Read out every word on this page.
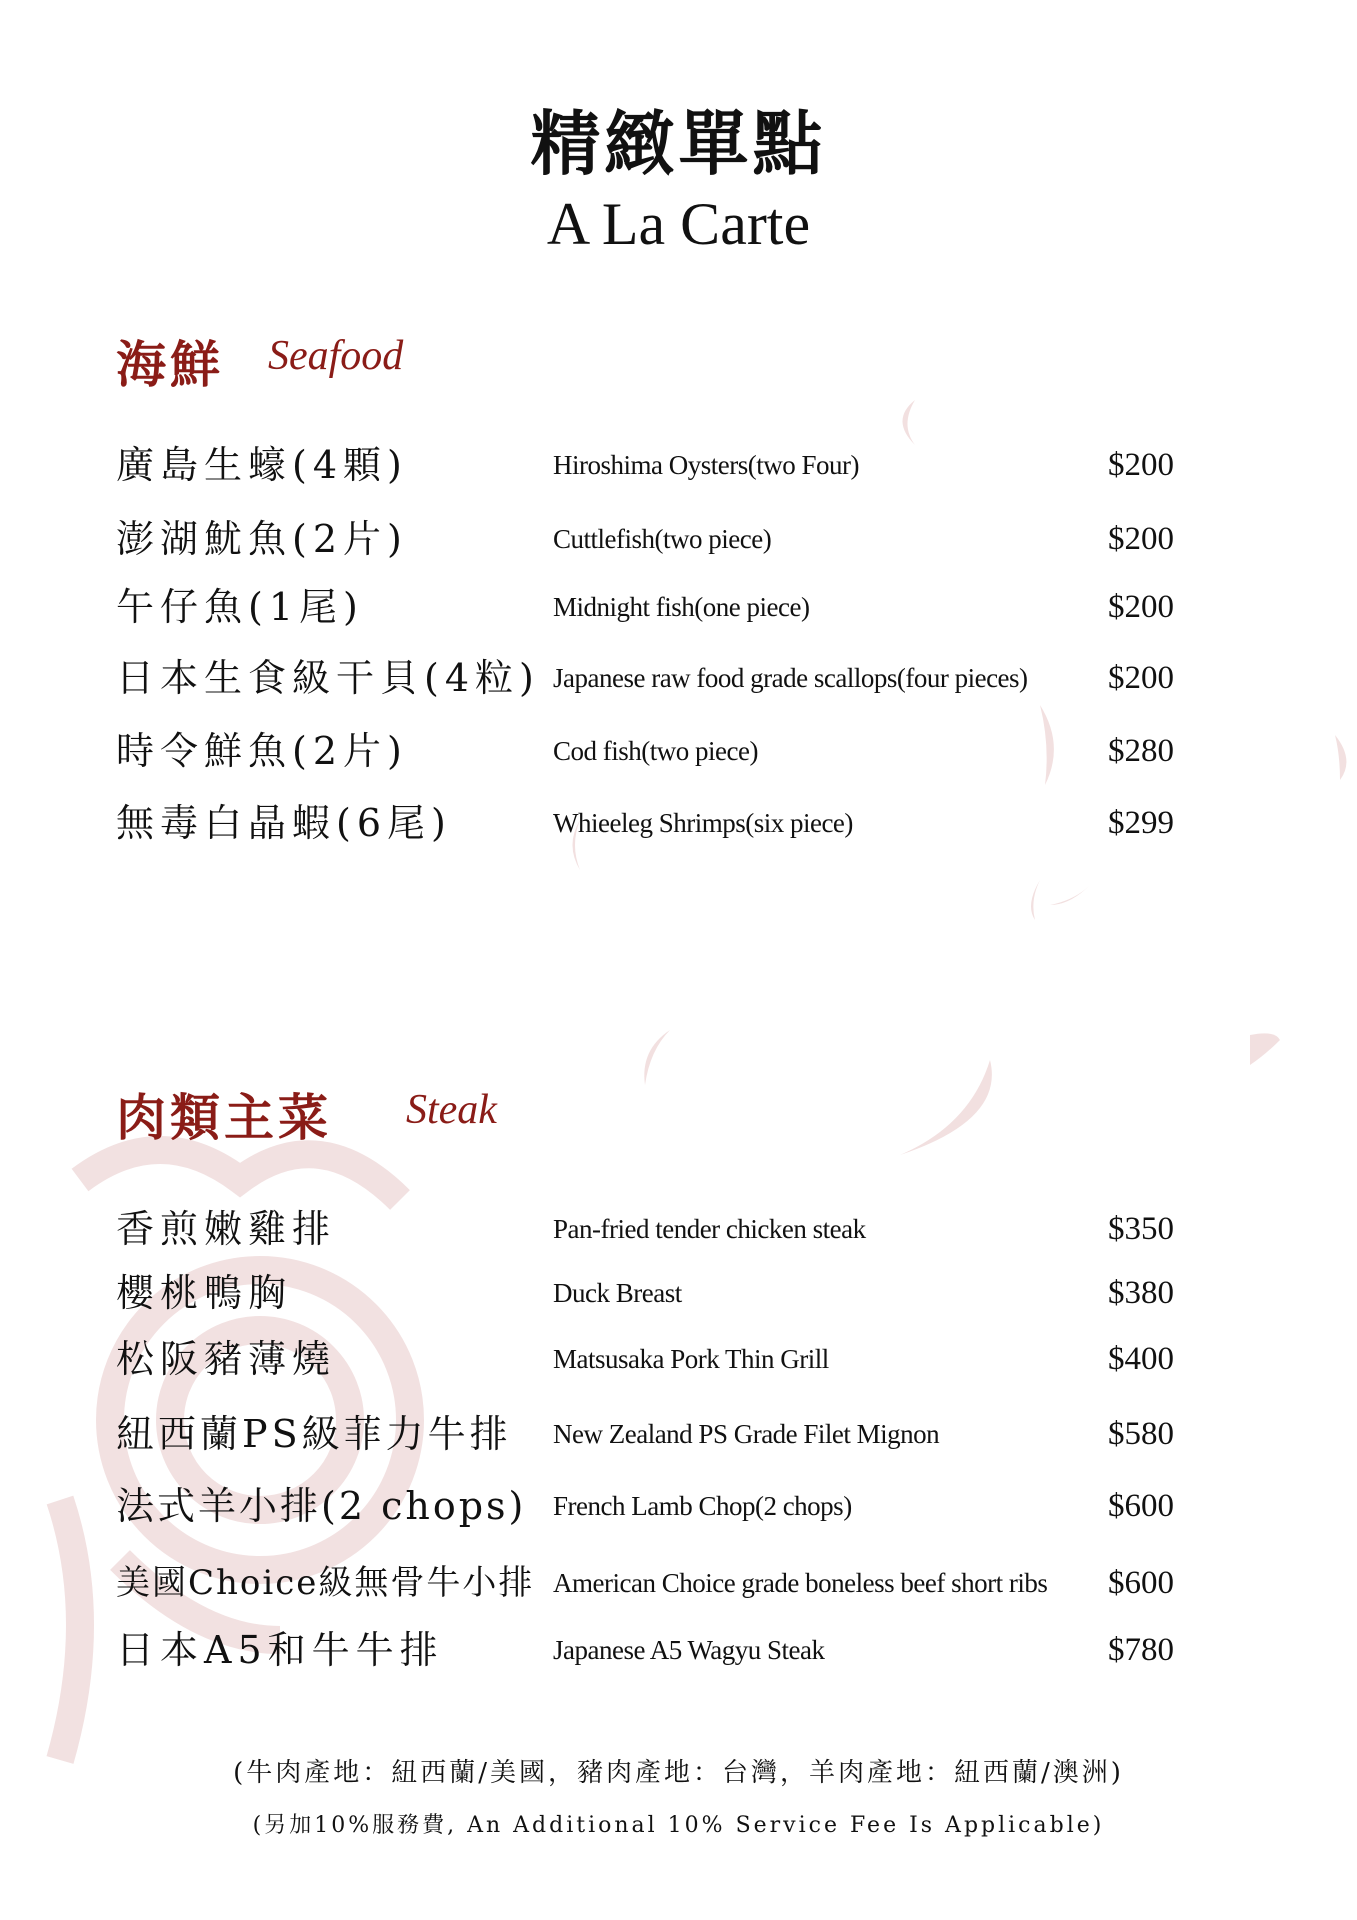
精緻單點
A La Carte
海鮮 Seafood
廣島生蠔(4顆)	Hiroshima Oysters(two Four)	$200
澎湖魷魚(2片)	Cuttlefish(two piece)	$200
午仔魚(1尾)	Midnight fish(one piece)	$200
日本生食級干貝(4粒) Japanese raw food grade scallops(four pieces) $200
時令鮮魚(2片)	Cod fish(two piece)	$280
無毒白晶蝦(6尾)	Whieeleg Shrimps(six piece)	$299
肉類主菜 Steak
香煎嫩雞排	Pan-fried tender chicken steak	$350
櫻桃鴨胸	Duck Breast	$380
松阪豬薄燒	Matsusaka Pork Thin Grill	$400
紐西蘭PS級菲力牛排 New Zealand PS Grade Filet Mignon	$580
法式羊小排(2 chops) French Lamb Chop(2 chops)	$600
美國Choice級無骨牛小排 American Choice grade boneless beef short ribs $600
日本A5和牛牛排	Japanese A5 Wagyu Steak	$780
(牛肉產地：紐西蘭/美國，豬肉產地：台灣，羊肉產地：紐西蘭/澳洲)
(另加10%服務費, An Additional 10% Service Fee Is Applicable)
